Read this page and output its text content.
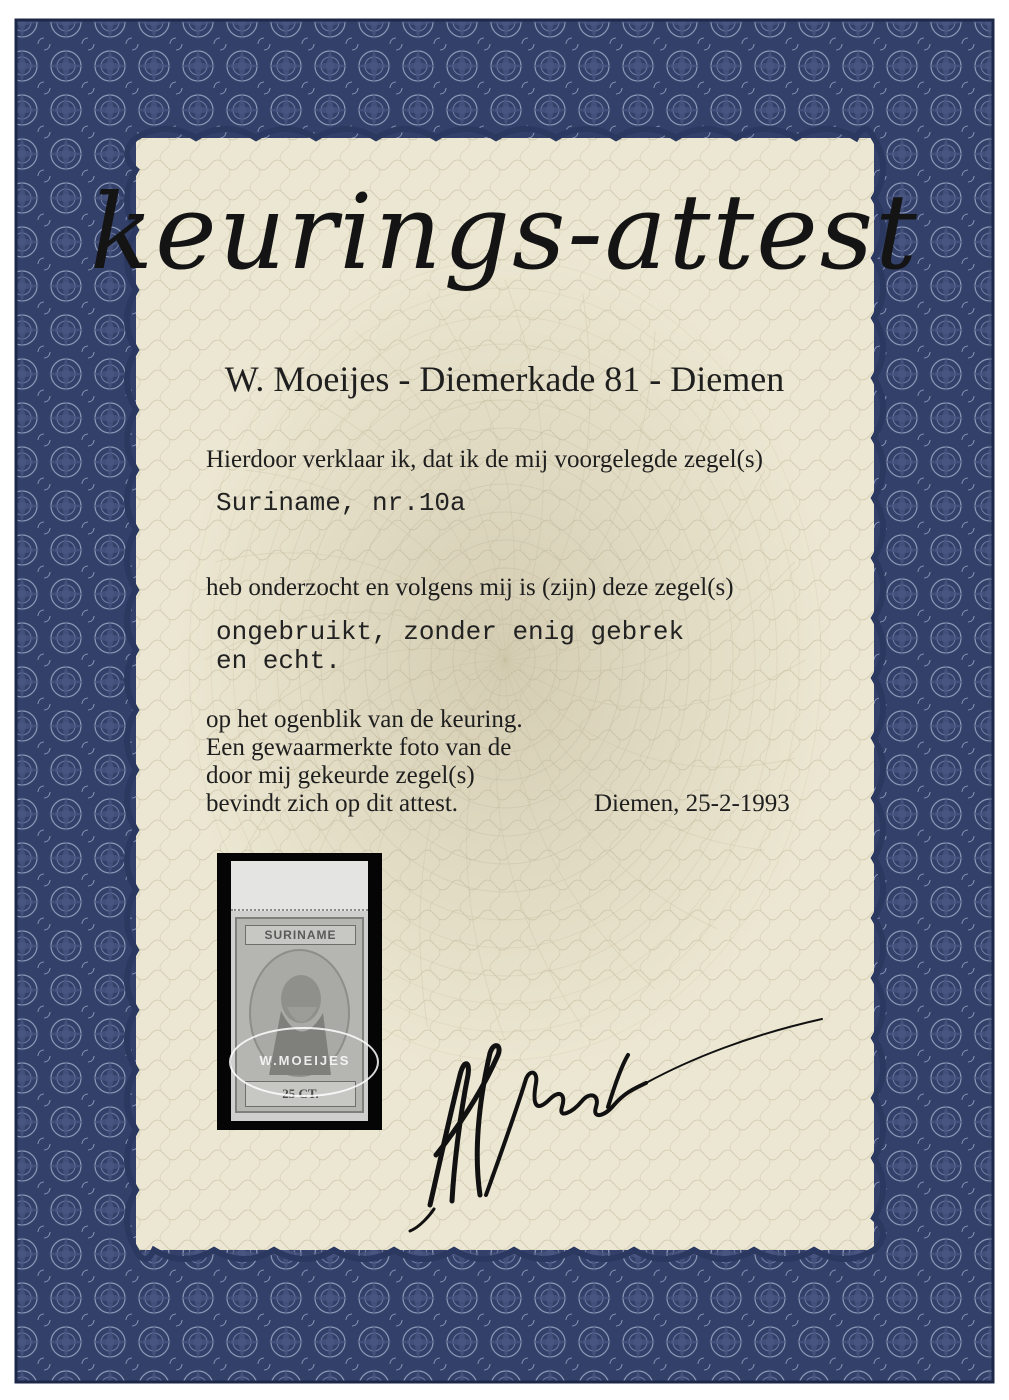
keurings-attest
W. Moeijes - Diemerkade 81 - Diemen
Hierdoor verklaar ik, dat ik de mij voorgelegde zegel(s)
Suriname, nr.10a
heb onderzocht en volgens mij is (zijn) deze zegel(s)
ongebruikt, zonder enig gebrek
en echt.
op het ogenblik van de keuring.
Een gewaarmerkte foto van de
door mij gekeurde zegel(s)
bevindt zich op dit attest.	Diemen, 25-2-1993
SURINAME
25 CT.
W.MOEIJES
